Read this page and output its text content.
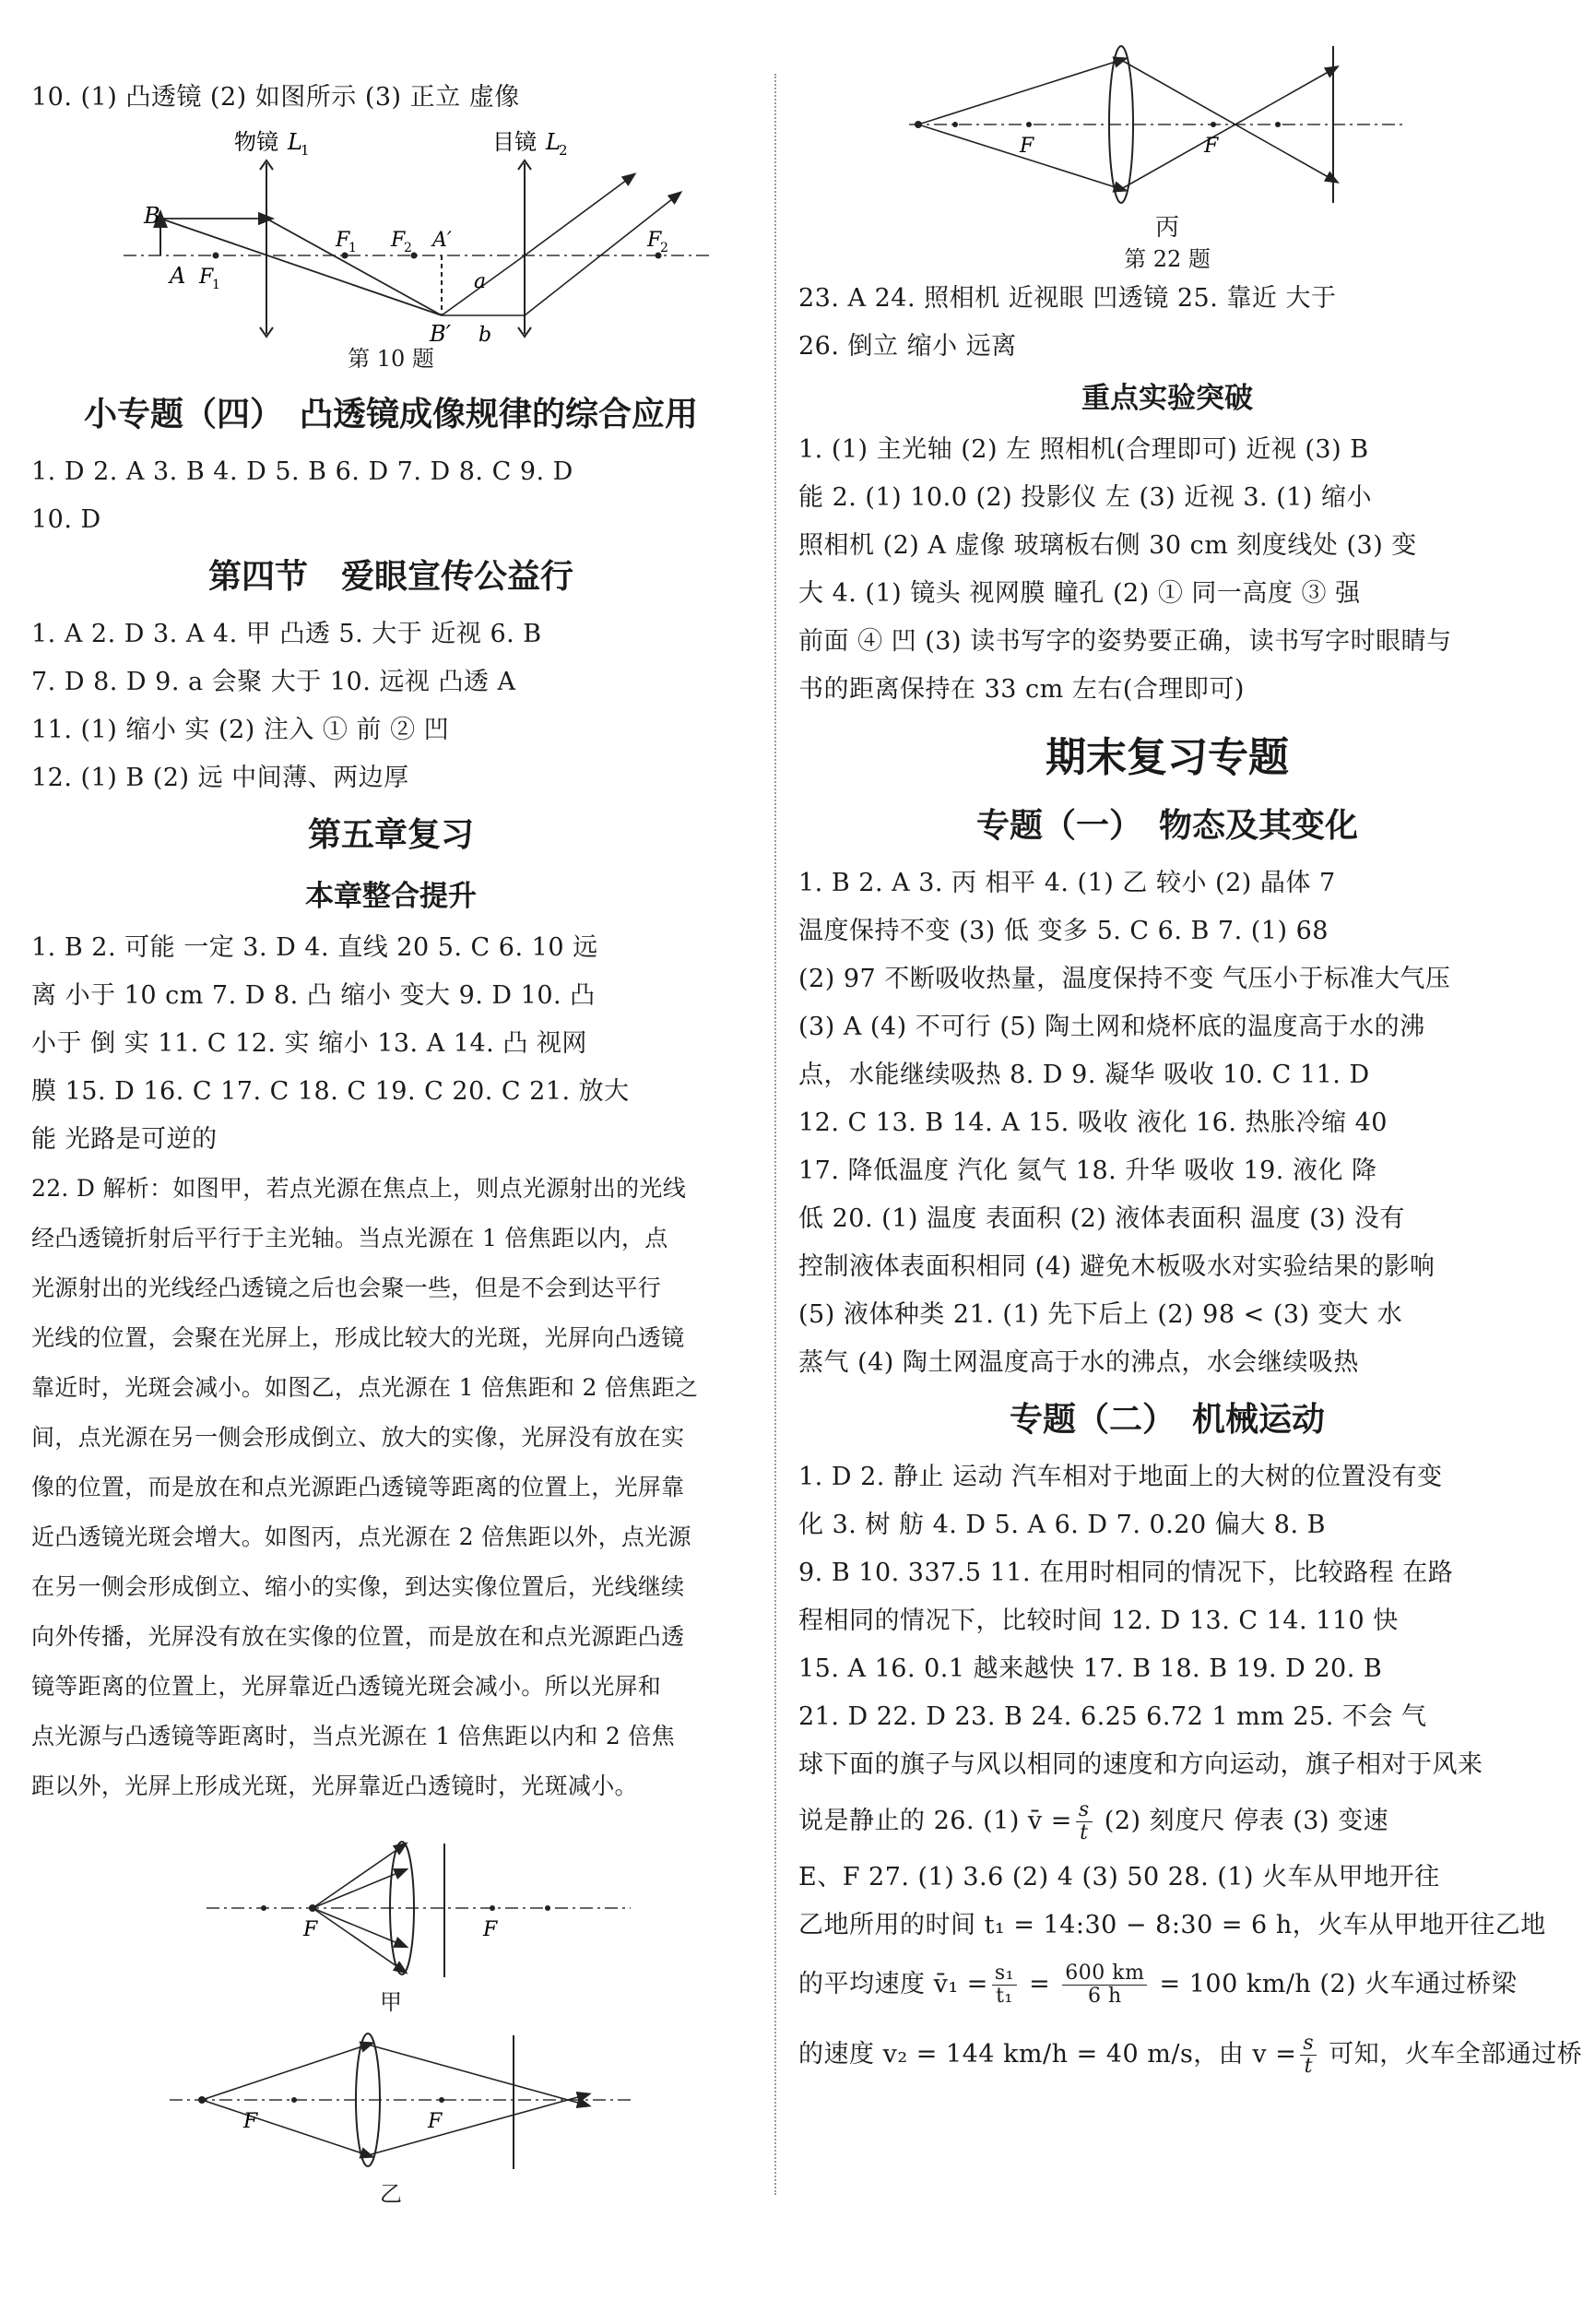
10. (1) 凸透镜 (2) 如图所示 (3) 正立 虚像

物镜 L
1	目镜 L
2
B
A F
1
F
1 F
2 A′	F
2
a
B′ b

第 10 题

小专题（四）　凸透镜成像规律的综合应用

1. D 2. A 3. B 4. D 5. B 6. D 7. D 8. C 9. D

10. D

第四节　爱眼宣传公益行

1. A 2. D 3. A 4. 甲 凸透 5. 大于 近视 6. B

7. D 8. D 9. a 会聚 大于 10. 远视 凸透 A

11. (1) 缩小 实 (2) 注入 ① 前 ② 凹

12. (1) B (2) 远 中间薄、两边厚

第五章复习
本章整合提升

1. B 2. 可能 一定 3. D 4. 直线 20 5. C 6. 10 远

离 小于 10 cm 7. D 8. 凸 缩小 变大 9. D 10. 凸

小于 倒 实 11. C 12. 实 缩小 13. A 14. 凸 视网

膜 15. D 16. C 17. C 18. C 19. C 20. C 21. 放大

能 光路是可逆的

22. D 解析：如图甲，若点光源在焦点上，则点光源射出的光线

经凸透镜折射后平行于主光轴。当点光源在 1 倍焦距以内，点

光源射出的光线经凸透镜之后也会聚一些，但是不会到达平行

光线的位置，会聚在光屏上，形成比较大的光斑，光屏向凸透镜

靠近时，光斑会减小。如图乙，点光源在 1 倍焦距和 2 倍焦距之

间，点光源在另一侧会形成倒立、放大的实像，光屏没有放在实

像的位置，而是放在和点光源距凸透镜等距离的位置上，光屏靠

近凸透镜光斑会增大。如图丙，点光源在 2 倍焦距以外，点光源

在另一侧会形成倒立、缩小的实像，到达实像位置后，光线继续

向外传播，光屏没有放在实像的位置，而是放在和点光源距凸透

镜等距离的位置上，光屏靠近凸透镜光斑会减小。所以光屏和

点光源与凸透镜等距离时，当点光源在 1 倍焦距以内和 2 倍焦

距以外，光屏上形成光斑，光屏靠近凸透镜时，光斑减小。

F	F

甲

F	F

乙

F	F

丙

第 22 题

23. A 24. 照相机 近视眼 凹透镜 25. 靠近 大于

26. 倒立 缩小 远离

重点实验突破

1. (1) 主光轴 (2) 左 照相机(合理即可) 近视 (3) B

能 2. (1) 10.0 (2) 投影仪 左 (3) 近视 3. (1) 缩小

照相机 (2) A 虚像 玻璃板右侧 30 cm 刻度线处 (3) 变

大 4. (1) 镜头 视网膜 瞳孔 (2) ① 同一高度 ③ 强

前面 ④ 凹 (3) 读书写字的姿势要正确，读书写字时眼睛与

书的距离保持在 33 cm 左右(合理即可)

期末复习专题
专题（一）　物态及其变化

1. B 2. A 3. 丙 相平 4. (1) 乙 较小 (2) 晶体 7

温度保持不变 (3) 低 变多 5. C 6. B 7. (1) 68

(2) 97 不断吸收热量，温度保持不变 气压小于标准大气压

(3) A (4) 不可行 (5) 陶土网和烧杯底的温度高于水的沸

点，水能继续吸热 8. D 9. 凝华 吸收 10. C 11. D

12. C 13. B 14. A 15. 吸收 液化 16. 热胀冷缩 40

17. 降低温度 汽化 氦气 18. 升华 吸收 19. 液化 降

低 20. (1) 温度 表面积 (2) 液体表面积 温度 (3) 没有

控制液体表面积相同 (4) 避免木板吸水对实验结果的影响

(5) 液体种类 21. (1) 先下后上 (2) 98 < (3) 变大 水

蒸气 (4) 陶土网温度高于水的沸点，水会继续吸热

专题（二）　机械运动

1. D 2. 静止 运动 汽车相对于地面上的大树的位置没有变

化 3. 树 舫 4. D 5. A 6. D 7. 0.20 偏大 8. B

9. B 10. 337.5 11. 在用时相同的情况下，比较路程 在路

程相同的情况下，比较时间 12. D 13. C 14. 110 快

15. A 16. 0.1 越来越快 17. B 18. B 19. D 20. B

21. D 22. D 23. B 24. 6.25 6.72 1 mm 25. 不会 气

球下面的旗子与风以相同的速度和方向运动，旗子相对于风来

说是静止的 26. (1) v̄ = $\frac{s}{t} (2)$ 刻度尺 停表 (3) 变速

E、F 27. (1) 3.6 (2) 4 (3) 50 28. (1) 火车从甲地开往

乙地所用的时间 t₁ = 14:30 − 8:30 = 6 h，火车从甲地开往乙地

的平均速度 v̄₁ = $\frac{\text{s₁}}{\text{t₁}} = \frac{600 km}{6 h} = 100$ km/h (2) 火车通过桥梁

的速度 v₂ = 144 km/h = 40 m/s，由 $v = \frac{s}{t}$ 可知，火车全部通过桥
